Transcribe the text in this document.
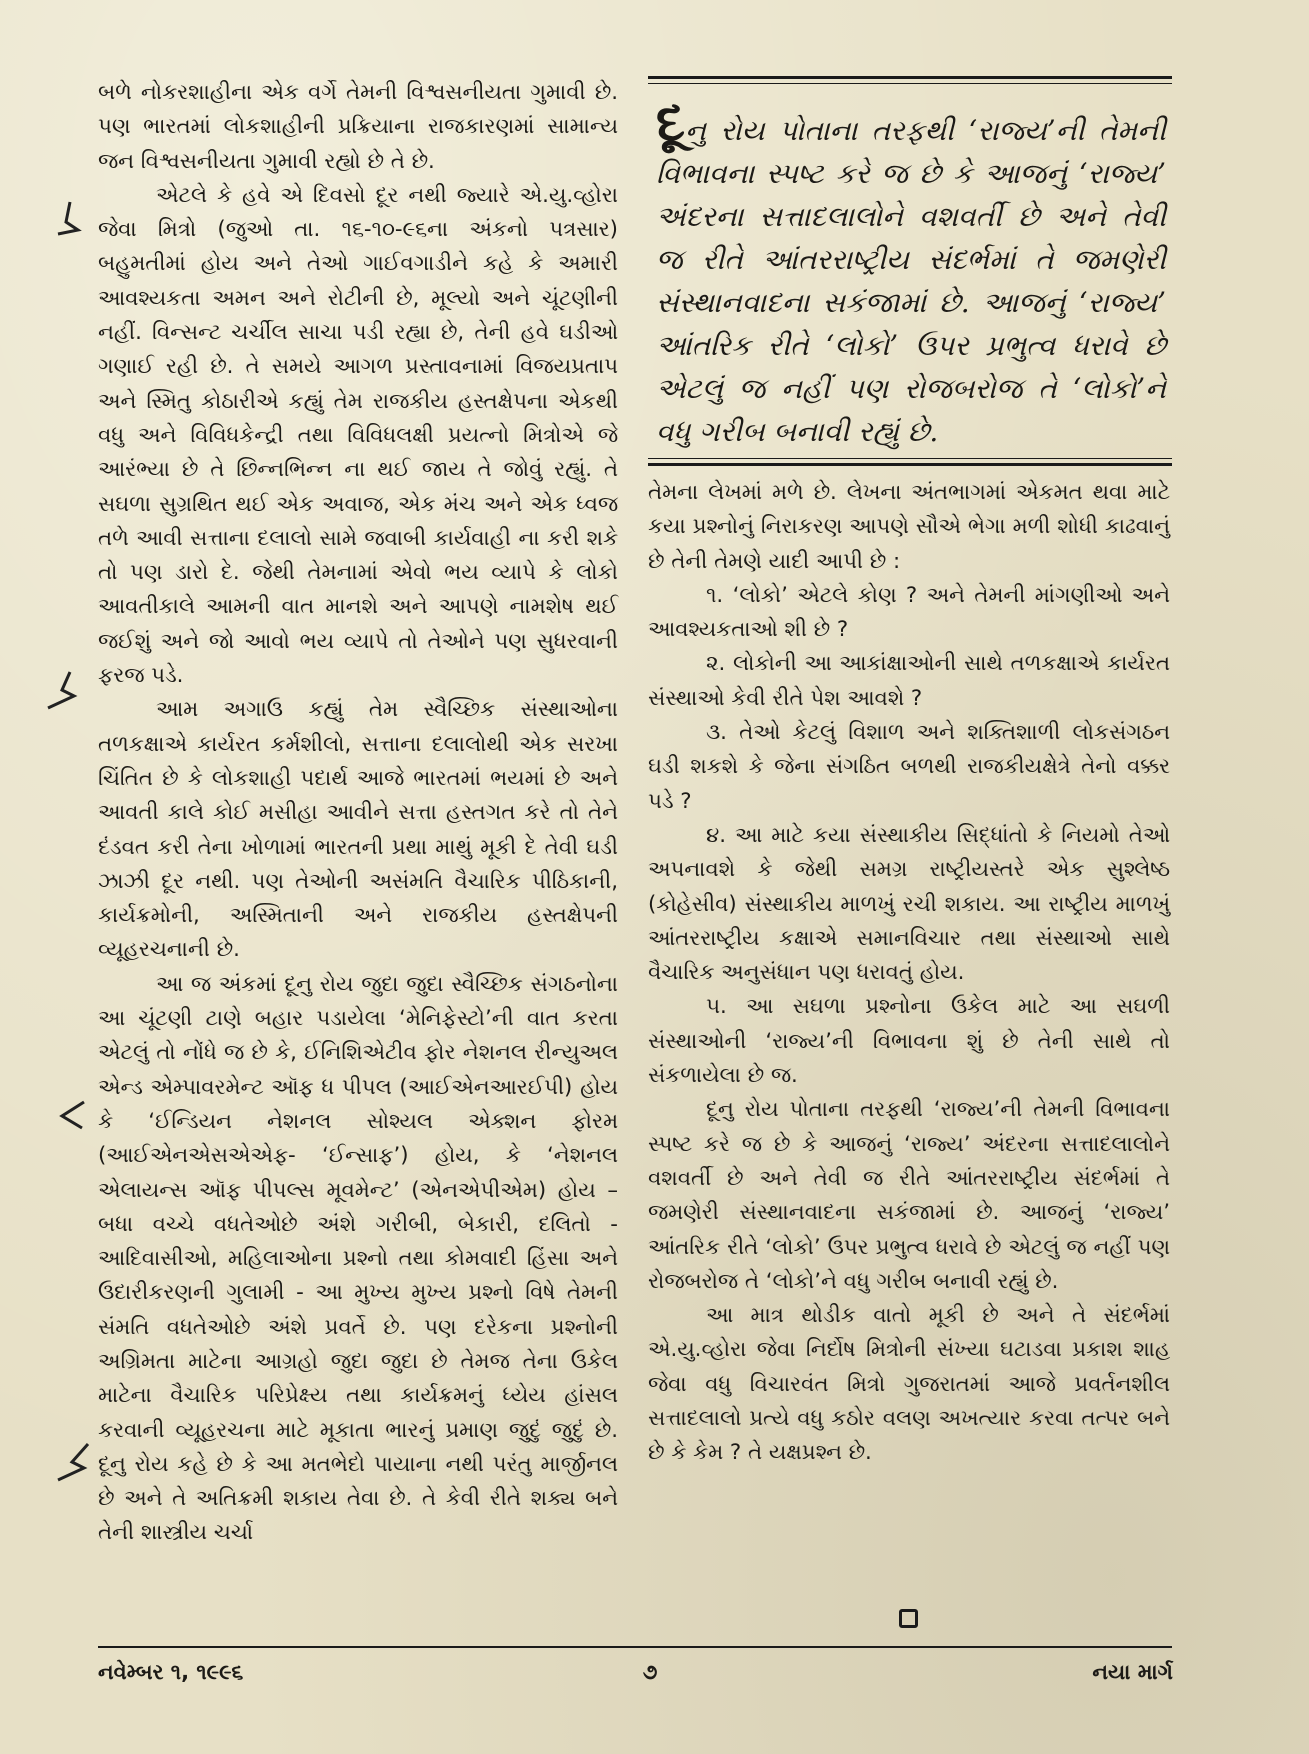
બળે નોકરશાહીના એક વર્ગે તેમની વિશ્વસનીયતા ગુમાવી છે. પણ ભારતમાં લોકશાહીની પ્રક્રિયાના રાજકારણમાં સામાન્ય જન વિશ્વસનીયતા ગુમાવી રહ્યો છે તે છે.

એટલે કે હવે એ દિવસો દૂર નથી જ્યારે એ.યુ.વ્હોરા જેવા મિત્રો (જુઓ તા. ૧૬-૧૦-૯૬ના અંકનો પત્રસાર) બહુમતીમાં હોય અને તેઓ ગાઈવગાડીને કહે કે અમારી આવશ્યકતા અમન અને રોટીની છે, મૂલ્યો અને ચૂંટણીની નહીં. વિન્સન્ટ ચર્ચીલ સાચા પડી રહ્યા છે, તેની હવે ઘડીઓ ગણાઈ રહી છે. તે સમયે આગળ પ્રસ્તાવનામાં વિજયપ્રતાપ અને સ્મિતુ કોઠારીએ કહ્યું તેમ રાજકીય હસ્તક્ષેપના એકથી વધુ અને વિવિધકેન્દ્રી તથા વિવિધલક્ષી પ્રયત્નો મિત્રોએ જે આરંભ્યા છે તે છિન્નભિન્ન ના થઈ જાય તે જોવું રહ્યું. તે સઘળા સુગ્રથિત થઈ એક અવાજ, એક મંચ અને એક ધ્વજ તળે આવી સત્તાના દલાલો સામે જવાબી કાર્યવાહી ના કરી શકે તો પણ ડારો દે. જેથી તેમનામાં એવો ભય વ્યાપે કે લોકો આવતીકાલે આમની વાત માનશે અને આપણે નામશેષ થઈ જઈશું અને જો આવો ભય વ્યાપે તો તેઓને પણ સુધરવાની ફરજ પડે.

આમ અગાઉ કહ્યું તેમ સ્વૈચ્છિક સંસ્થાઓના તળકક્ષાએ કાર્યરત કર્મશીલો, સત્તાના દલાલોથી એક સરખા ચિંતિત છે કે લોકશાહી પદાર્થ આજે ભારતમાં ભયમાં છે અને આવતી કાલે કોઈ મસીહા આવીને સત્તા હસ્તગત કરે તો તેને દંડવત કરી તેના ખોળામાં ભારતની પ્રથા માથું મૂકી દે તેવી ઘડી ઝાઝી દૂર નથી. પણ તેઓની અસંમતિ વૈચારિક પીઠિકાની, કાર્યક્રમોની, અસ્મિતાની અને રાજકીય હસ્તક્ષેપની વ્યૂહરચનાની છે.

આ જ અંકમાં દૂનુ રોય જુદા જુદા સ્વૈચ્છિક સંગઠનોના આ ચૂંટણી ટાણે બહાર પડાયેલા ‘મેનિફેસ્ટો’ની વાત કરતા એટલું તો નોંધે જ છે કે, ઈનિશિએટીવ ફોર નેશનલ રીન્યુઅલ એન્ડ એમ્પાવરમેન્ટ ઑફ ધ પીપલ (આઈએનઆરઈપી) હોય કે ‘ઈન્ડિયન નેશનલ સોશ્યલ એક્શન ફોરમ (આઈએનએસએએફ- ‘ઈન્સાફ’) હોય, કે ‘નેશનલ એલાયન્સ ઑફ પીપલ્સ મૂવમેન્ટ’ (એનએપીએમ) હોય – બધા વચ્ચે વધતેઓછે અંશે ગરીબી, બેકારી, દલિતો - આદિવાસીઓ, મહિલાઓના પ્રશ્નો તથા કોમવાદી હિંસા અને ઉદારીકરણની ગુલામી - આ મુખ્ય મુખ્ય પ્રશ્નો વિષે તેમની સંમતિ વધતેઓછે અંશે પ્રવર્તે છે. પણ દરેકના પ્રશ્નોની અગ્રિમતા માટેના આગ્રહો જુદા જુદા છે તેમજ તેના ઉકેલ માટેના વૈચારિક પરિપ્રેક્ષ્ય તથા કાર્યક્રમનું ધ્યેય હાંસલ કરવાની વ્યૂહરચના માટે મૂકાતા ભારનું પ્રમાણ જુદું જુદું છે. દૂનુ રોય કહે છે કે આ મતભેદો પાયાના નથી પરંતુ માર્જીનલ છે અને તે અતિક્રમી શકાય તેવા છે. તે કેવી રીતે શક્ય બને તેની શાસ્ત્રીય ચર્ચા

દૂનુ રોય પોતાના તરફથી ‘રાજ્ય’ની તેમની વિભાવના સ્પષ્ટ કરે જ છે કે આજનું ‘રાજ્ય’ અંદરના સત્તાદલાલોને વશવર્તી છે અને તેવી જ રીતે આંતરરાષ્ટ્રીય સંદર્ભમાં તે જમણેરી સંસ્થાનવાદના સકંજામાં છે. આજનું ‘રાજ્ય’ આંતરિક રીતે ‘લોકો’ ઉપર પ્રભુત્વ ધરાવે છે એટલું જ નહીં પણ રોજબરોજ તે ‘લોકો’ને વધુ ગરીબ બનાવી રહ્યું છે.

તેમના લેખમાં મળે છે. લેખના અંતભાગમાં એકમત થવા માટે કયા પ્રશ્નોનું નિરાકરણ આપણે સૌએ ભેગા મળી શોધી કાઢવાનું છે તેની તેમણે યાદી આપી છે :

૧. ‘લોકો’ એટલે કોણ ? અને તેમની માંગણીઓ અને આવશ્યકતાઓ શી છે ?

૨. લોકોની આ આકાંક્ષાઓની સાથે તળકક્ષાએ કાર્યરત સંસ્થાઓ કેવી રીતે પેશ આવશે ?

૩. તેઓ કેટલું વિશાળ અને શક્તિશાળી લોકસંગઠન ઘડી શકશે કે જેના સંગઠિત બળથી રાજકીયક્ષેત્રે તેનો વક્કર પડે ?

૪. આ માટે કયા સંસ્થાકીય સિદ્ધાંતો કે નિયમો તેઓ અપનાવશે કે જેથી સમગ્ર રાષ્ટ્રીયસ્તરે એક સુશ્લેષ્ઠ (કોહેસીવ) સંસ્થાકીય માળખું રચી શકાય. આ રાષ્ટ્રીય માળખું આંતરરાષ્ટ્રીય કક્ષાએ સમાનવિચાર તથા સંસ્થાઓ સાથે વૈચારિક અનુસંધાન પણ ધરાવતું હોય.

૫. આ સઘળા પ્રશ્નોના ઉકેલ માટે આ સઘળી સંસ્થાઓની ‘રાજ્ય’ની વિભાવના શું છે તેની સાથે તો સંકળાયેલા છે જ.

દૂનુ રોય પોતાના તરફથી ‘રાજ્ય’ની તેમની વિભાવના સ્પષ્ટ કરે જ છે કે આજનું ‘રાજ્ય’ અંદરના સત્તાદલાલોને વશવર્તી છે અને તેવી જ રીતે આંતરરાષ્ટ્રીય સંદર્ભમાં તે જમણેરી સંસ્થાનવાદના સકંજામાં છે. આજનું ‘રાજ્ય’ આંતરિક રીતે ‘લોકો’ ઉપર પ્રભુત્વ ધરાવે છે એટલું જ નહીં પણ રોજબરોજ તે ‘લોકો’ને વધુ ગરીબ બનાવી રહ્યું છે.

આ માત્ર થોડીક વાતો મૂકી છે અને તે સંદર્ભમાં એ.યુ.વ્હોરા જેવા નિર્દોષ મિત્રોની સંખ્યા ઘટાડવા પ્રકાશ શાહ જેવા વધુ વિચારવંત મિત્રો ગુજરાતમાં આજે પ્રવર્તનશીલ સત્તાદલાલો પ્રત્યે વધુ કઠોર વલણ અખત્યાર કરવા તત્પર બને છે કે કેમ ? તે યક્ષપ્રશ્ન છે.

નવેમ્બર ૧, ૧૯૯૬	૭	નયા માર્ગ
